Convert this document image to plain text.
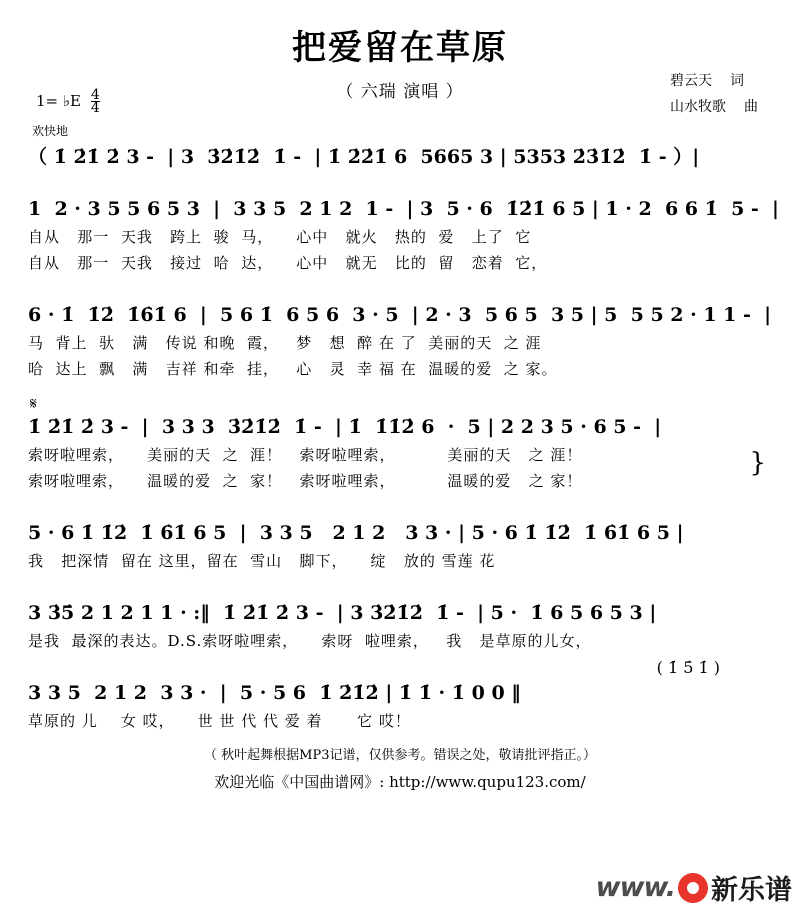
把爱留在草原
（ 六瑞 演唱 ）
碧云天 词
山水牧歌 曲
1= ♭E $\frac{4}{4}$
欢快地
（ 1̇ 2̇1̇ 2̇ 3 -  | 3  3̇2̇1̇2̇  1̇ -  | 1̇ 2̇2̇1̇ 6  5665 3 | 5353 2̇3̇1̇2̇  1̇ - ）|
1  2 · 3 5 5 6 5 3  |  3 3 5  2 1 2  1 -  | 3  5 · 6  1̇2̇1̇ 6 5 | 1 · 2  6 6 1̇  5 -  |
自从   那一  天我   跨上  骏  马，    心中   就火   热的  爱   上了  它
自从   那一  天我   接过  哈  达，    心中   就无   比的  留   恋着  它，
6 · 1̇  1̇2̇  1̇6̇1̇ 6  |  5 6 1̇  6 5 6  3 · 5  | 2 · 3  5 6 5  3 5 | 5  5 5 2 · 1 1 -  |
马  背上  驮   满   传说 和晚  霞，   梦   想  醉 在 了  美丽的天  之 涯
哈  达上  飘   满   吉祥 和牵  挂，   心   灵  幸 福 在  温暖的爱  之 家。
𝄋
1̇ 2̇1̇ 2̇ 3 -  |  3 3 3  3̇2̇1̇2̇  1̇ -  | 1̇  1̇1̇2̇ 6  ·  5 | 2 2 3 5 · 6 5 -  |
索呀啦哩索，    美丽的天  之  涯！   索呀啦哩索，         美丽的天   之 涯！
索呀啦哩索，    温暖的爱  之  家！   索呀啦哩索，         温暖的爱   之 家！
}
5 · 6 1̇ 1̇2̇  1̇ 6̇1̇ 6 5  |  3 3 5   2 1 2   3 3 · | 5 · 6 1̇ 1̇2̇  1̇ 6̇1̇ 6 5 |
我   把深情  留在 这里，留在  雪山   脚下，    绽   放的 雪莲 花
3 3̇5̇ 2 1 2 1 1 · :‖  1̇ 2̇1̇ 2̇ 3 -  | 3 3̇2̇1̇2̇  1̇ -  | 5 ·  1̇ 6 5 6 5 3 |
是我  最深的表达。D.S.索呀啦哩索，    索呀  啦哩索，   我   是草原的儿女，
( 1̇ 5̇ 1̇ )
3 3 5  2 1 2  3 3 ·  |  5 · 5 6  1̇ 2̇1̇2̇ | 1̇ 1̇ · 1̇ 0 0 ‖
草原的 儿    女 哎，    世 世 代 代 爱 着      它 哎！
（ 秋叶起舞根据MP3记谱，仅供参考。错误之处，敬请批评指正。）
欢迎光临《中国曲谱网》: http://www.qupu123.com/
www. 新乐谱
